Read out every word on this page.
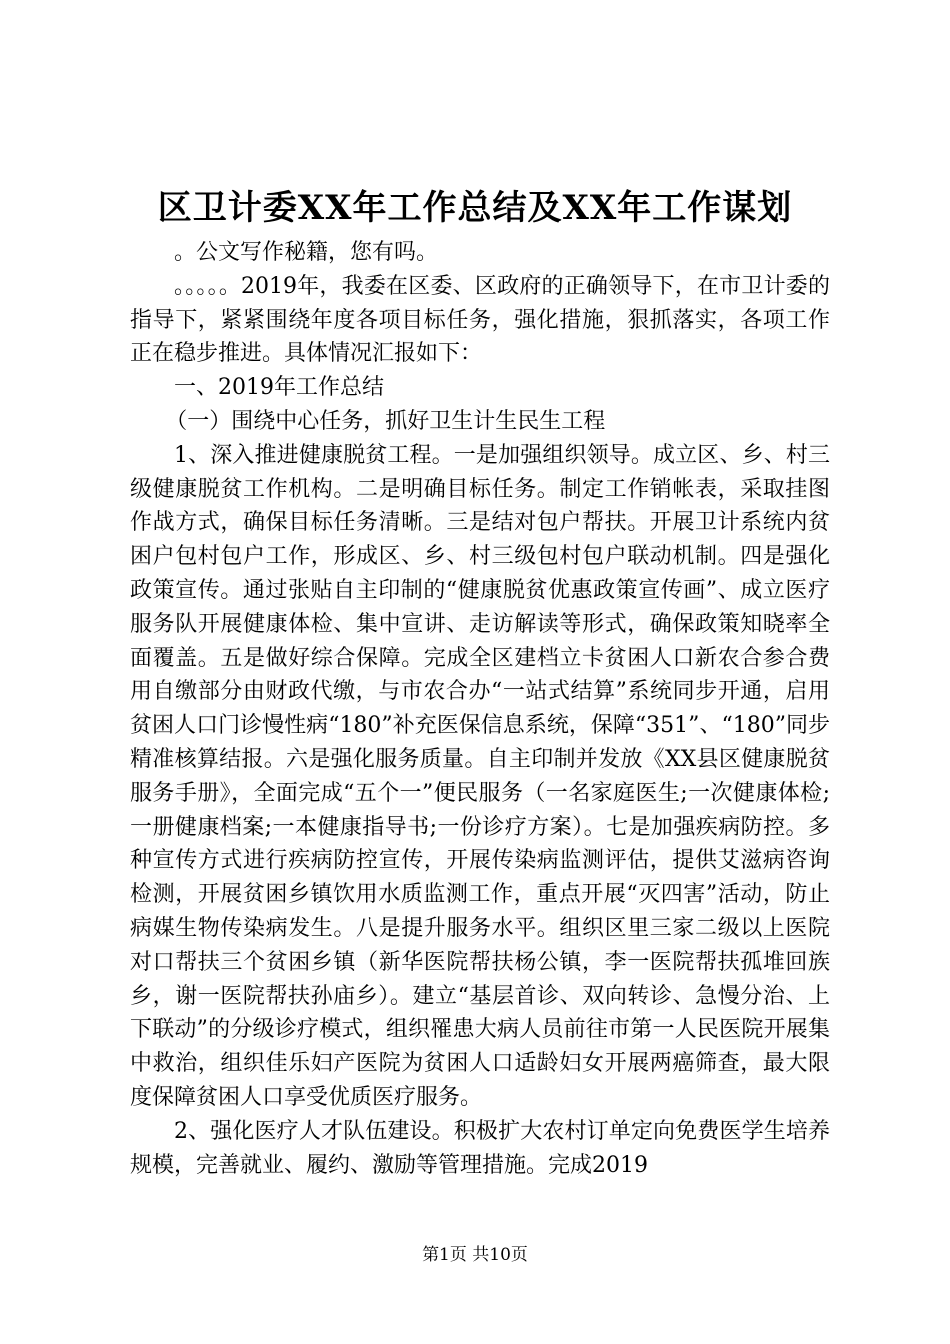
区卫计委XX年工作总结及XX年工作谋划

。公文写作秘籍，您有吗。

。。。。。2019年，我委在区委、区政府的正确领导下，在市卫计委的指导下，紧紧围绕年度各项目标任务，强化措施，狠抓落实，各项工作正在稳步推进。具体情况汇报如下：

一、2019年工作总结

（一）围绕中心任务，抓好卫生计生民生工程

1、深入推进健康脱贫工程。一是加强组织领导。成立区、乡、村三级健康脱贫工作机构。二是明确目标任务。制定工作销帐表，采取挂图作战方式，确保目标任务清晰。三是结对包户帮扶。开展卫计系统内贫困户包村包户工作，形成区、乡、村三级包村包户联动机制。四是强化政策宣传。通过张贴自主印制的“健康脱贫优惠政策宣传画”、成立医疗服务队开展健康体检、集中宣讲、走访解读等形式，确保政策知晓率全面覆盖。五是做好综合保障。完成全区建档立卡贫困人口新农合参合费用自缴部分由财政代缴，与市农合办“一站式结算”系统同步开通，启用贫困人口门诊慢性病“180”补充医保信息系统，保障“351”、“180”同步精准核算结报。六是强化服务质量。自主印制并发放《XX县区健康脱贫服务手册》，全面完成“五个一”便民服务（一名家庭医生;一次健康体检;一册健康档案;一本健康指导书;一份诊疗方案）。七是加强疾病防控。多种宣传方式进行疾病防控宣传，开展传染病监测评估，提供艾滋病咨询检测，开展贫困乡镇饮用水质监测工作，重点开展“灭四害”活动，防止病媒生物传染病发生。八是提升服务水平。组织区里三家二级以上医院对口帮扶三个贫困乡镇（新华医院帮扶杨公镇，李一医院帮扶孤堆回族乡，谢一医院帮扶孙庙乡）。建立“基层首诊、双向转诊、急慢分治、上下联动”的分级诊疗模式，组织罹患大病人员前往市第一人民医院开展集中救治，组织佳乐妇产医院为贫困人口适龄妇女开展两癌筛查，最大限度保障贫困人口享受优质医疗服务。

2、强化医疗人才队伍建设。积极扩大农村订单定向免费医学生培养规模，完善就业、履约、激励等管理措施。完成2019

第1页 共10页
